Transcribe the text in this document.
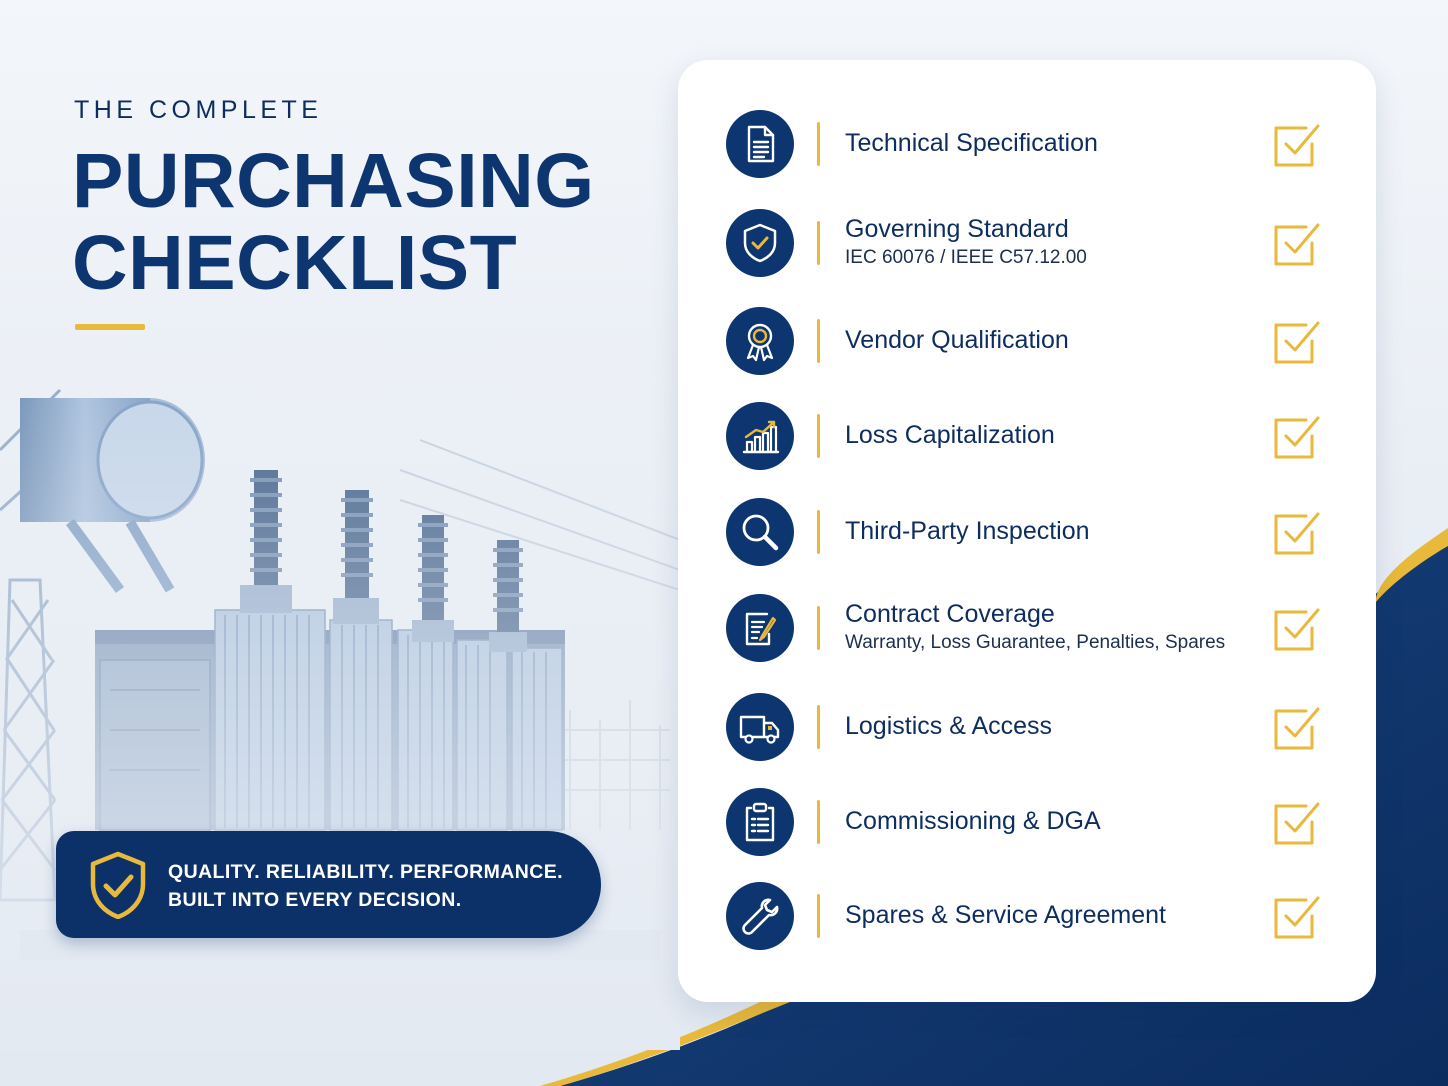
THE COMPLETE
PURCHASING
CHECKLIST
QUALITY. RELIABILITY. PERFORMANCE.
BUILT INTO EVERY DECISION.
Technical Specification
Governing Standard
IEC 60076 / IEEE C57.12.00
Vendor Qualification
Loss Capitalization
Third-Party Inspection
Contract Coverage
Warranty, Loss Guarantee, Penalties, Spares
Logistics & Access
Commissioning & DGA
Spares & Service Agreement
